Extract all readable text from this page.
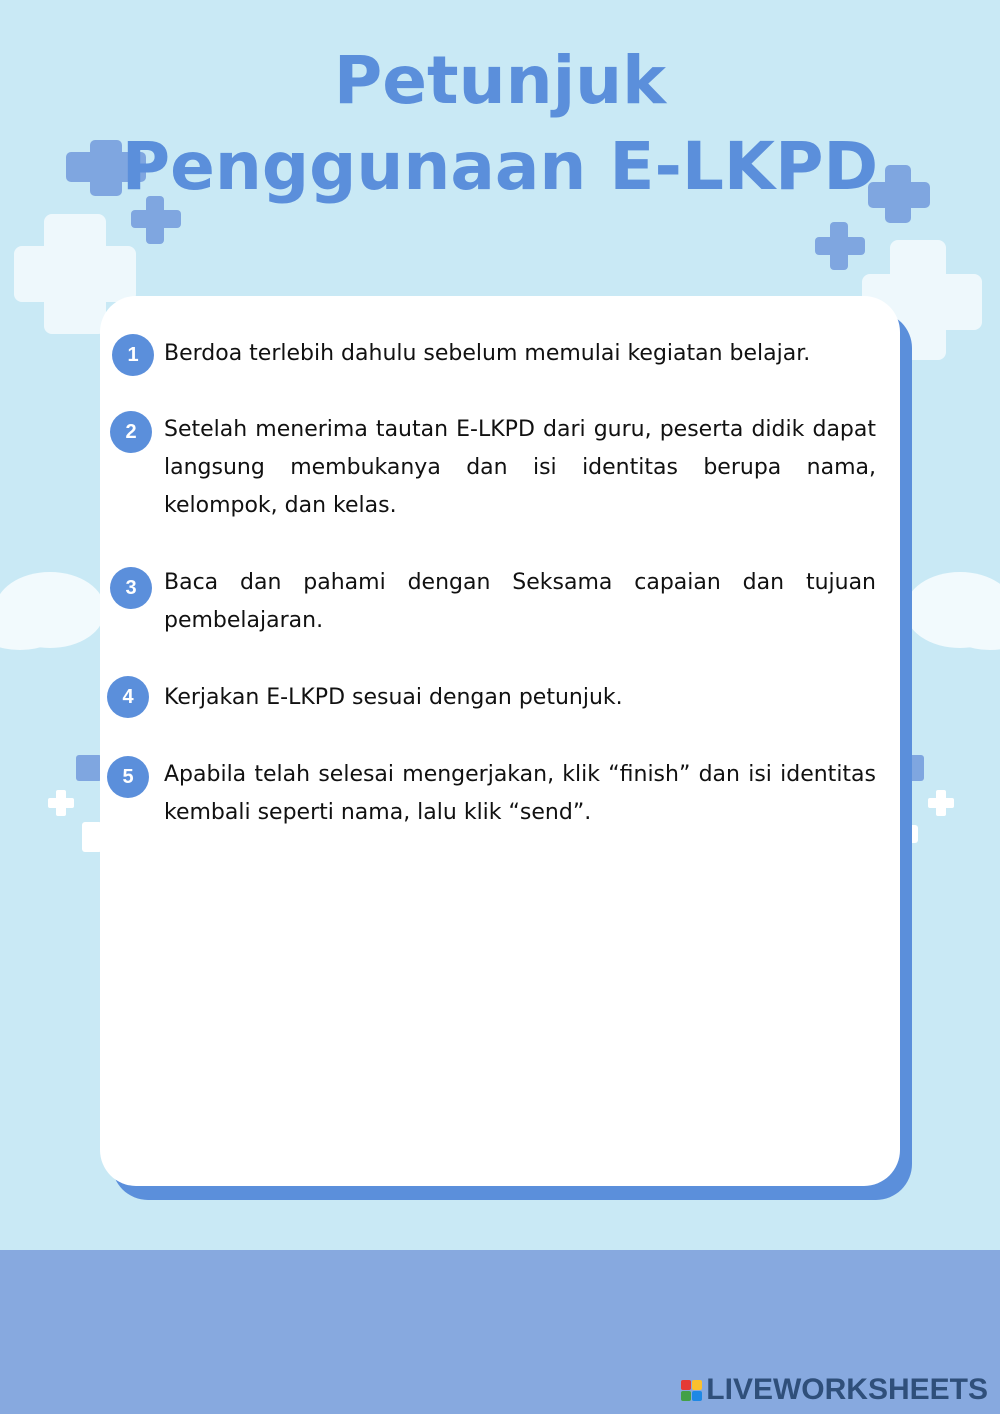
Petunjuk
Penggunaan E-LKPD
1	Berdoa terlebih dahulu sebelum memulai kegiatan belajar.
2	Setelah menerima tautan E-LKPD dari guru, peserta didik dapat langsung membukanya dan isi identitas berupa nama, kelompok, dan kelas.
3	Baca dan pahami dengan Seksama capaian dan tujuan pembelajaran.
4	Kerjakan E-LKPD sesuai dengan petunjuk.
5	Apabila telah selesai mengerjakan, klik “finish” dan isi identitas kembali seperti nama, lalu klik “send”.
LIVEWORKSHEETS
